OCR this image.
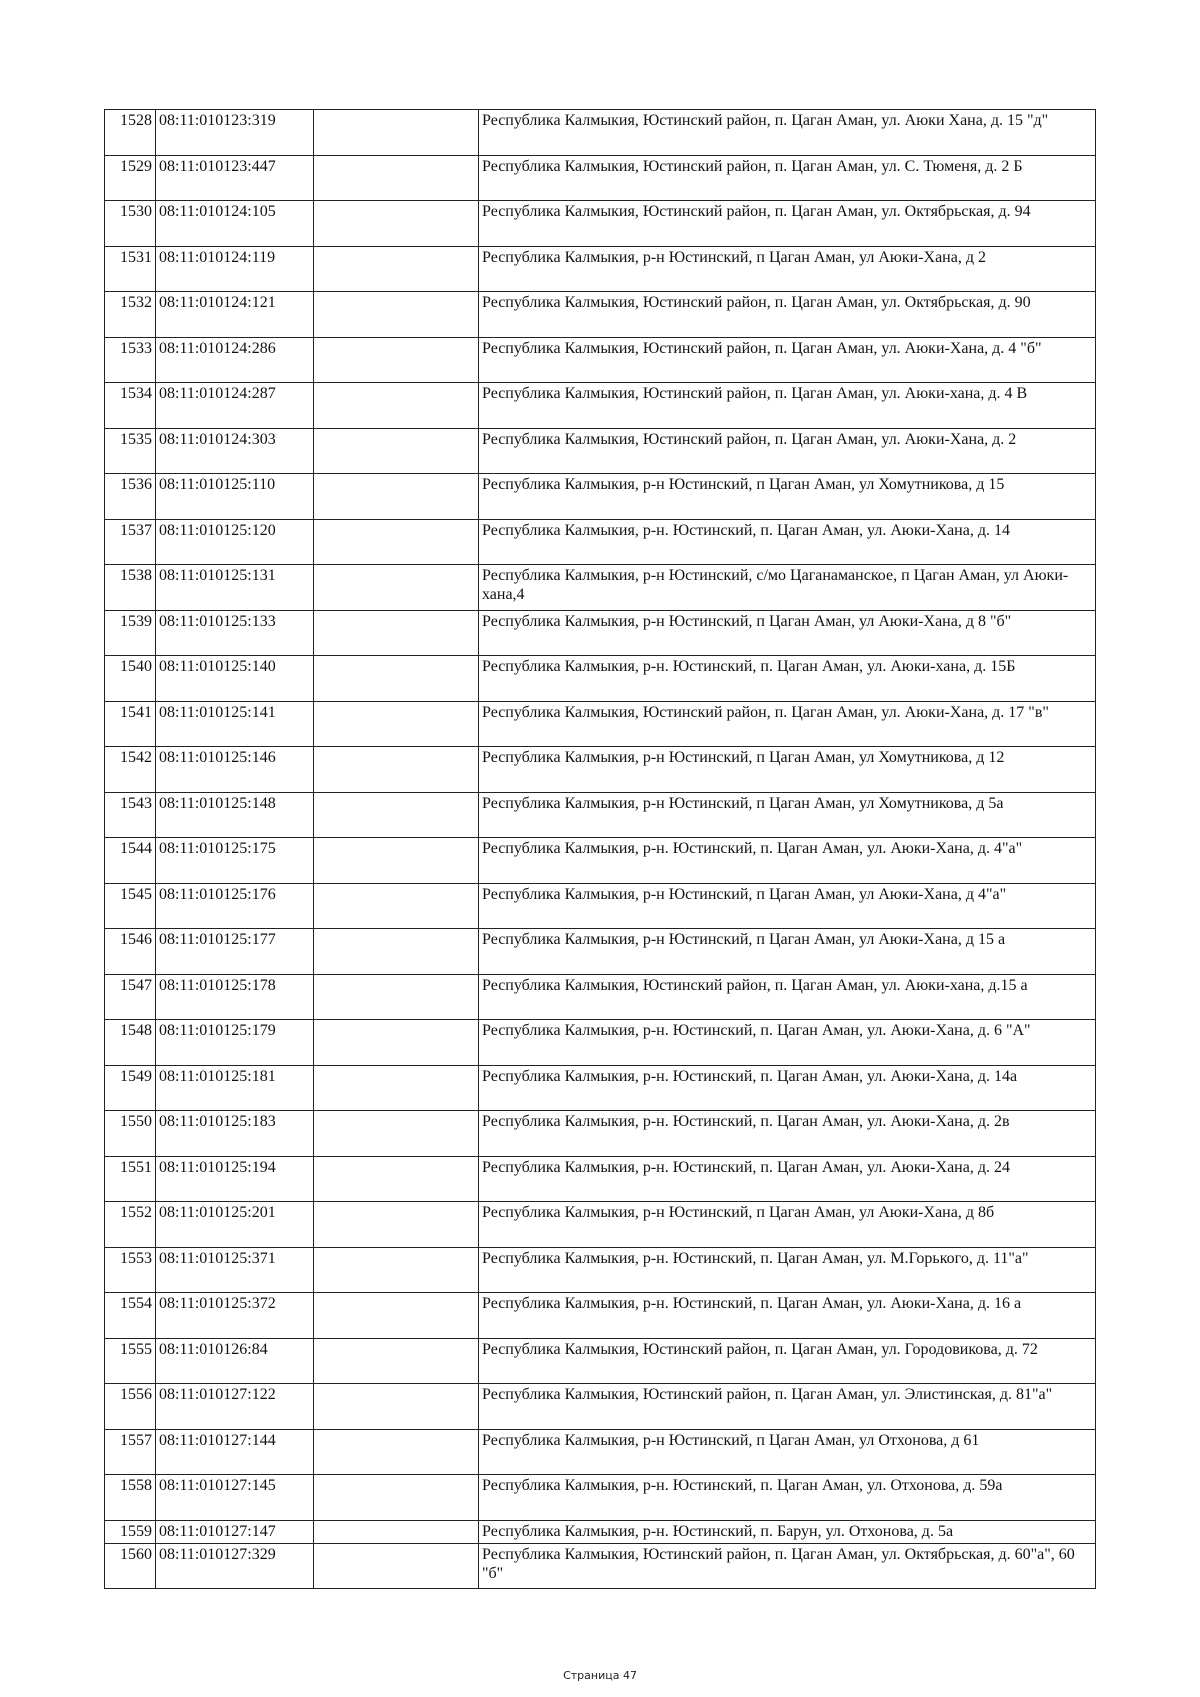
1528	08:11:010123:319		Республика Калмыкия, Юстинский район, п. Цаган Аман, ул. Аюки Хана, д. 15 "д"
1529	08:11:010123:447		Республика Калмыкия, Юстинский район, п. Цаган Аман, ул. С. Тюменя, д. 2 Б
1530	08:11:010124:105		Республика Калмыкия, Юстинский район, п. Цаган Аман, ул. Октябрьская, д. 94
1531	08:11:010124:119		Республика Калмыкия, р-н Юстинский, п Цаган Аман, ул Аюки-Хана, д 2
1532	08:11:010124:121		Республика Калмыкия, Юстинский район, п. Цаган Аман, ул. Октябрьская, д. 90
1533	08:11:010124:286		Республика Калмыкия, Юстинский район, п. Цаган Аман, ул. Аюки-Хана, д. 4 "б"
1534	08:11:010124:287		Республика Калмыкия, Юстинский район, п. Цаган Аман, ул. Аюки-хана, д. 4 В
1535	08:11:010124:303		Республика Калмыкия, Юстинский район, п. Цаган Аман, ул. Аюки-Хана, д. 2
1536	08:11:010125:110		Республика Калмыкия, р-н Юстинский, п Цаган Аман, ул Хомутникова, д 15
1537	08:11:010125:120		Республика Калмыкия, р-н. Юстинский, п. Цаган Аман, ул. Аюки-Хана, д. 14
1538	08:11:010125:131		Республика Калмыкия, р-н Юстинский, с/мо Цаганаманское, п Цаган Аман, ул Аюки-хана,4
1539	08:11:010125:133		Республика Калмыкия, р-н Юстинский, п Цаган Аман, ул Аюки-Хана, д 8 "б"
1540	08:11:010125:140		Республика Калмыкия, р-н. Юстинский, п. Цаган Аман, ул. Аюки-хана, д. 15Б
1541	08:11:010125:141		Республика Калмыкия, Юстинский район, п. Цаган Аман, ул. Аюки-Хана, д. 17 "в"
1542	08:11:010125:146		Республика Калмыкия, р-н Юстинский, п Цаган Аман, ул Хомутникова, д 12
1543	08:11:010125:148		Республика Калмыкия, р-н Юстинский, п Цаган Аман, ул Хомутникова, д 5а
1544	08:11:010125:175		Республика Калмыкия, р-н. Юстинский, п. Цаган Аман, ул. Аюки-Хана, д. 4"а"
1545	08:11:010125:176		Республика Калмыкия, р-н Юстинский, п Цаган Аман, ул Аюки-Хана, д 4"а"
1546	08:11:010125:177		Республика Калмыкия, р-н Юстинский, п Цаган Аман, ул Аюки-Хана, д 15 а
1547	08:11:010125:178		Республика Калмыкия, Юстинский район, п. Цаган Аман, ул. Аюки-хана, д.15 а
1548	08:11:010125:179		Республика Калмыкия, р-н. Юстинский, п. Цаган Аман, ул. Аюки-Хана, д. 6 "А"
1549	08:11:010125:181		Республика Калмыкия, р-н. Юстинский, п. Цаган Аман, ул. Аюки-Хана, д. 14а
1550	08:11:010125:183		Республика Калмыкия, р-н. Юстинский, п. Цаган Аман, ул. Аюки-Хана, д. 2в
1551	08:11:010125:194		Республика Калмыкия, р-н. Юстинский, п. Цаган Аман, ул. Аюки-Хана, д. 24
1552	08:11:010125:201		Республика Калмыкия, р-н Юстинский, п Цаган Аман, ул Аюки-Хана, д 8б
1553	08:11:010125:371		Республика Калмыкия, р-н. Юстинский, п. Цаган Аман, ул. М.Горького, д. 11"а"
1554	08:11:010125:372		Республика Калмыкия, р-н. Юстинский, п. Цаган Аман, ул. Аюки-Хана, д. 16 а
1555	08:11:010126:84		Республика Калмыкия, Юстинский район, п. Цаган Аман, ул. Городовикова, д. 72
1556	08:11:010127:122		Республика Калмыкия, Юстинский район, п. Цаган Аман, ул. Элистинская, д. 81"а"
1557	08:11:010127:144		Республика Калмыкия, р-н Юстинский, п Цаган Аман, ул Отхонова, д 61
1558	08:11:010127:145		Республика Калмыкия, р-н. Юстинский, п. Цаган Аман, ул. Отхонова, д. 59а
1559	08:11:010127:147		Республика Калмыкия, р-н. Юстинский, п. Барун, ул. Отхонова, д. 5а
1560	08:11:010127:329		Республика Калмыкия, Юстинский район, п. Цаган Аман, ул. Октябрьская, д. 60"а", 60 "б"
Страница 47
